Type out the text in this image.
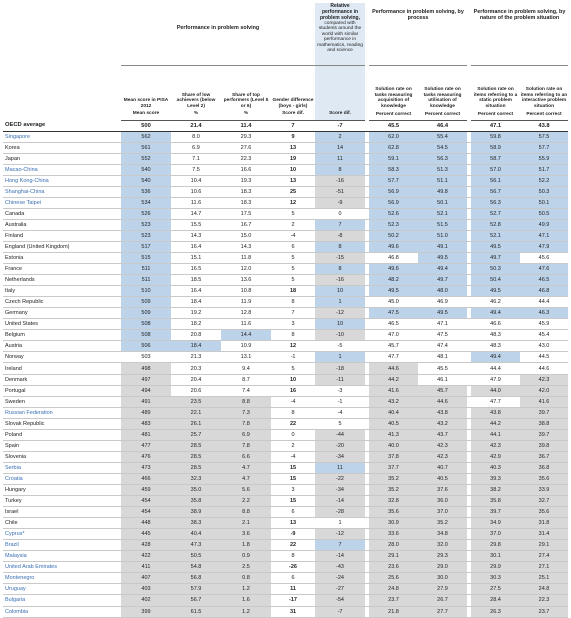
	Performance in problem solving				Relative performance in problem solving,
compared with students around the world with similar performance in mathematics, reading and science		Performance in problem solving, by process			Performance in problem solving, by nature of the problem situation	
	Mean score in PISA 2012	Share of low achievers (below Level 2)	Share of top performers (Level 5 or 6)	Gender difference (boys - girls)			Solution rate on tasks measuring acquisition of knowledge	Solution rate on tasks measuring utilisation of knowledge		Solution rate on items referring to a static problem situation	Solution rate on items referring to an interactive problem situation
	Mean score	%	%	Score dif.	Score dif.		Percent correct	Percent correct		Percent correct	Percent correct
OECD average	500	21.4	11.4	7	-7		45.5	46.4		47.1	43.8
Singapore	562	8.0	29.3	9	2		62.0	55.4		59.8	57.5
Korea	561	6.9	27.6	13	14		62.8	54.5		58.9	57.7
Japan	552	7.1	22.3	19	11		59.1	56.3		58.7	55.9
Macao-China	540	7.5	16.6	10	8		58.3	51.3		57.0	51.7
Hong Kong-China	540	10.4	19.3	13	-16		57.7	51.1		56.1	52.2
Shanghai-China	536	10.6	18.3	25	-51		56.9	49.8		56.7	50.3
Chinese Taipei	534	11.6	18.3	12	-9		56.9	50.1		56.3	50.1
Canada	526	14.7	17.5	5	0		52.6	52.1		52.7	50.5
Australia	523	15.5	16.7	2	7		52.3	51.5		52.8	49.9
Finland	523	14.3	15.0	-4	-8		50.2	51.0		52.1	47.1
England (United Kingdom)	517	16.4	14.3	6	8		49.6	49.1		49.5	47.9
Estonia	515	15.1	11.8	5	-15		46.8	49.5		49.7	45.6
France	511	16.5	12.0	5	8		49.6	49.4		50.3	47.6
Netherlands	511	18.5	13.6	5	-16		48.2	49.7		50.4	46.5
Italy	510	16.4	10.8	18	10		49.5	48.0		49.5	46.8
Czech Republic	509	18.4	11.9	8	1		45.0	46.9		46.2	44.4
Germany	509	19.2	12.8	7	-12		47.5	49.5		49.4	46.3
United States	508	18.2	11.6	3	10		46.5	47.1		46.6	45.9
Belgium	508	20.8	14.4	8	-10		47.0	47.5		48.3	45.4
Austria	506	18.4	10.9	12	-5		45.7	47.4		48.3	43.0
Norway	503	21.3	13.1	-1	1		47.7	48.1		49.4	44.5
Ireland	498	20.3	9.4	5	-18		44.6	45.5		44.4	44.6
Denmark	497	20.4	8.7	10	-11		44.2	46.1		47.9	42.3
Portugal	494	20.6	7.4	16	-3		41.6	45.7		44.0	42.0
Sweden	491	23.5	8.8	-4	-1		43.2	44.6		47.7	41.6
Russian Federation	489	22.1	7.3	8	-4		40.4	43.8		43.8	39.7
Slovak Republic	483	26.1	7.8	22	5		40.5	43.2		44.2	38.8
Poland	481	25.7	6.9	0	-44		41.3	43.7		44.1	39.7
Spain	477	28.5	7.8	2	-20		40.0	42.3		42.3	39.8
Slovenia	476	28.5	6.6	-4	-34		37.8	42.3		42.9	36.7
Serbia	473	28.5	4.7	15	11		37.7	40.7		40.3	36.8
Croatia	466	32.3	4.7	15	-22		35.2	40.5		39.3	35.6
Hungary	459	35.0	5.6	3	-34		35.2	37.6		38.2	33.9
Turkey	454	35.8	2.2	15	-14		32.8	36.0		35.8	32.7
Israel	454	38.9	8.8	6	-28		35.6	37.0		39.7	35.6
Chile	448	38.3	2.1	13	1		30.9	35.2		34.9	31.8
Cyprus*	445	40.4	3.6	-9	-12		33.6	34.8		37.0	31.4
Brazil	428	47.3	1.8	22	7		28.0	32.0		29.8	29.1
Malaysia	422	50.5	0.9	8	-14		29.1	29.3		30.1	27.4
United Arab Emirates	411	54.8	2.5	-26	-43		23.6	29.0		29.9	27.1
Montenegro	407	56.8	0.8	6	-24		25.6	30.0		30.3	25.1
Uruguay	403	57.9	1.2	11	-27		24.8	27.9		27.5	24.8
Bulgaria	402	56.7	1.6	-17	-54		23.7	26.7		28.4	22.3
Colombia	399	61.5	1.2	31	-7		21.8	27.7		26.3	23.7
